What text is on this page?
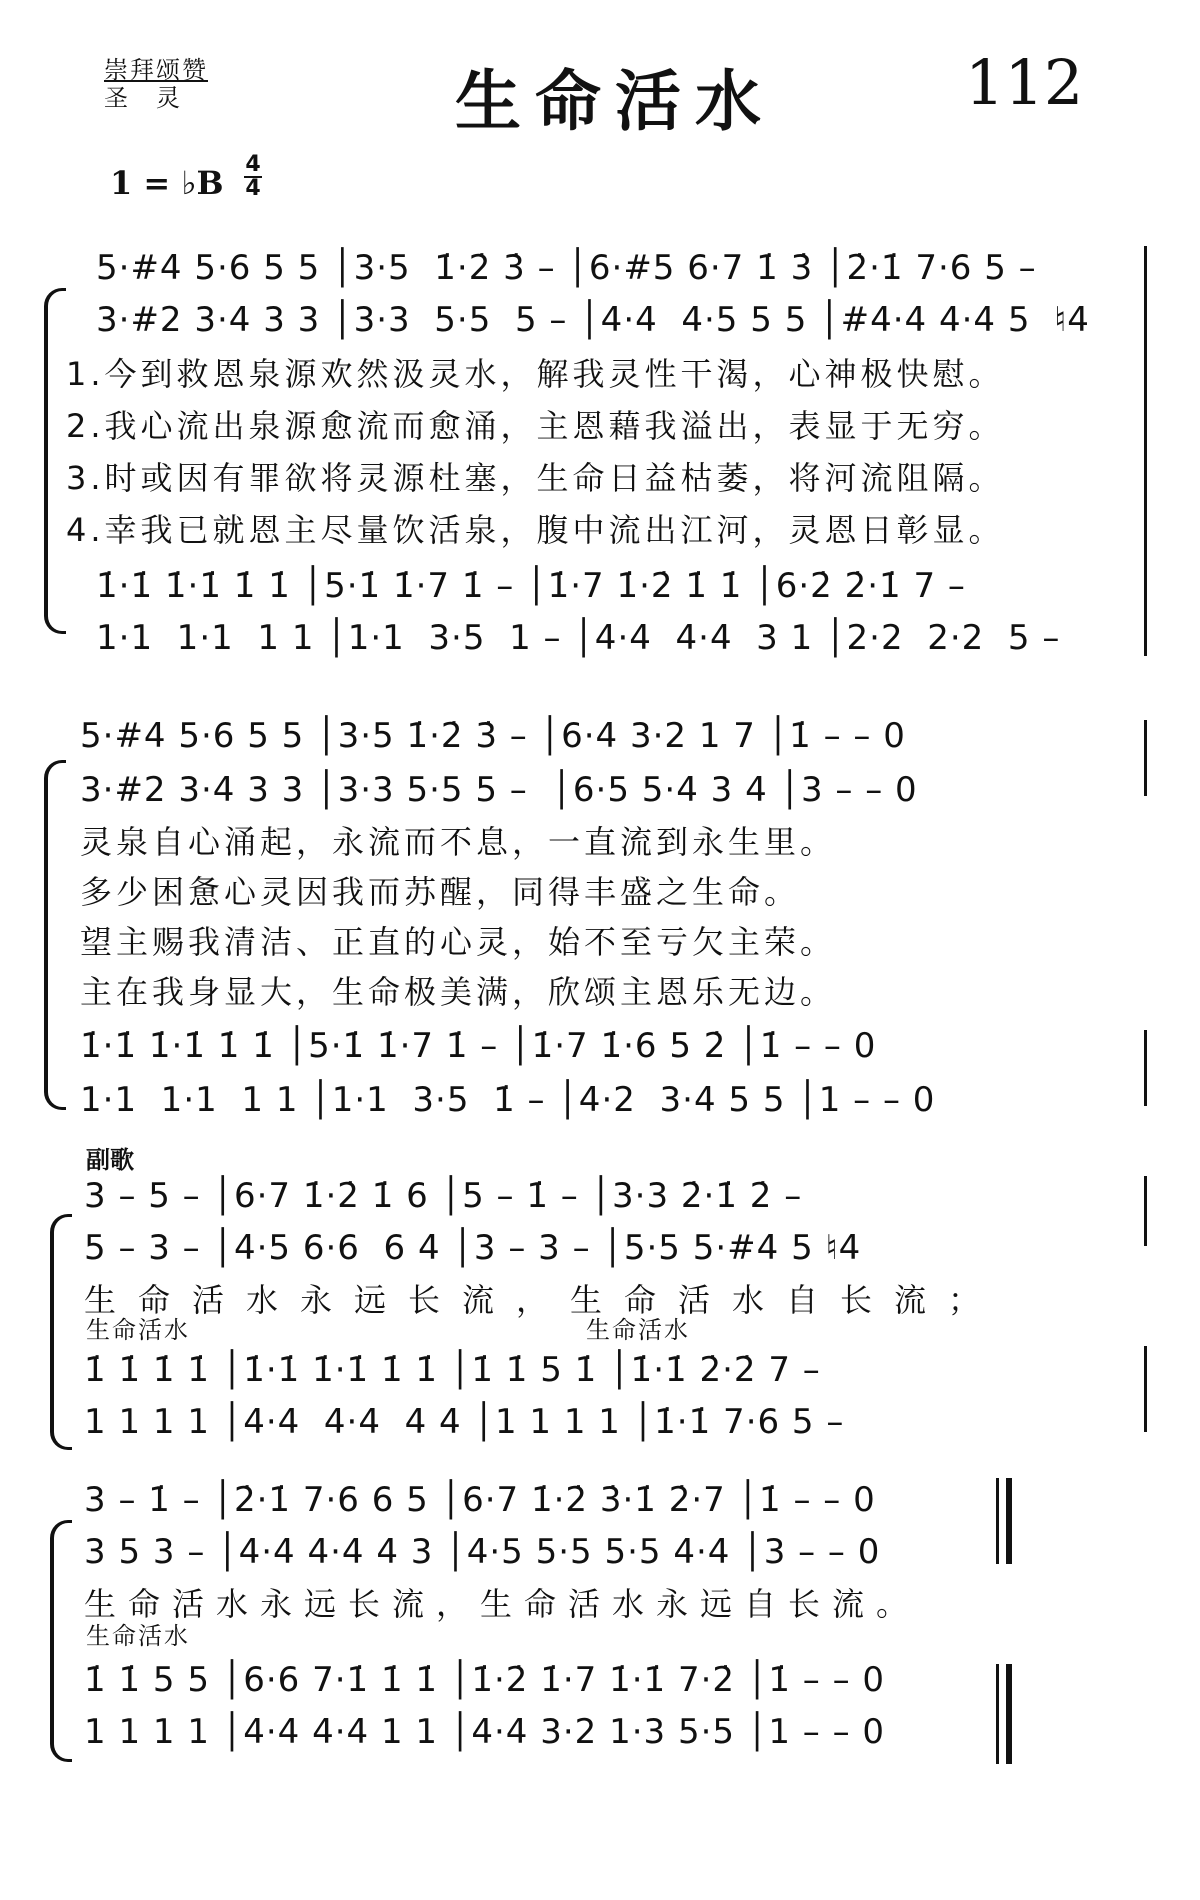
崇拜颂赞
圣　灵	生命活水	112
1 = ♭B $\frac{4}{4}$
5·#4 5·6 5 5 │3·5  1̇·2̇ 3̇ – │6·#5 6·7 1̇ 3̇ │2̇·1̇ 7·6 5 –
3·#2 3·4 3 3 │3·3  5·5  5 – │4·4  4·5 5 5 │#4·4 4·4 5  ♮4
1.今到救恩泉源欢然汲灵水，解我灵性干渴，心神极快慰。
2.我心流出泉源愈流而愈涌，主恩藉我溢出，表显于无穷。
3.时或因有罪欲将灵源杜塞，生命日益枯萎，将河流阻隔。
4.幸我已就恩主尽量饮活泉，腹中流出江河，灵恩日彰显。
1̇·1̇ 1̇·1̇ 1̇ 1̇ │5·1̇ 1̇·7 1̇ – │1̇·7 1̇·2̇ 1̇ 1̇ │6·2̇ 2̇·1̇ 7 –
1·1  1·1  1 1 │1·1  3·5  1 – │4·4  4·4  3 1 │2·2  2·2  5 –
5·#4 5·6 5 5 │3·5 1̇·2̇ 3̇ – │6·4 3·2 1 7 │1̇ – – 0
3·#2 3·4 3 3 │3·3 5·5 5 –  │6·5 5·4 3 4 │3 – – 0
灵泉自心涌起，永流而不息，一直流到永生里。
多少困惫心灵因我而苏醒，同得丰盛之生命。
望主赐我清洁、正直的心灵，始不至亏欠主荣。
主在我身显大，生命极美满，欣颂主恩乐无边。
1̇·1̇ 1̇·1̇ 1̇ 1̇ │5·1̇ 1̇·7 1̇ – │1̇·7 1̇·6 5 2̇ │1̇ – – 0
1·1  1·1  1 1 │1·1  3·5  1̇ – │4·2  3·4 5 5 │1 – – 0
副歌
3 – 5 – │6·7 1̇·2̇ 1̇ 6 │5 – 1̇ – │3·3 2̇·1̇ 2̇ –
5 – 3 – │4·5 6·6  6 4 │3 – 3 – │5·5 5·#4 5 ♮4
生命活水永远长流，生命活水自长流；
生命活水	生命活水
1̇ 1̇ 1̇ 1̇ │1̇·1̇ 1̇·1̇ 1̇ 1̇ │1̇ 1̇ 5 1̇ │1̇·1̇ 2̇·2̇ 7 –
1 1 1 1 │4·4  4·4  4 4 │1 1 1 1 │1̇·1̇ 7·6 5 –
3 – 1̇ – │2̇·1̇ 7·6 6 5 │6·7 1̇·2̇ 3̇·1̇ 2̇·7 │1̇ – – 0
3 5 3 – │4·4 4·4 4 3 │4·5 5·5 5·5 4·4 │3 – – 0
生命活水永远长流，生命活水永远自长流。
生命活水
1̇ 1̇ 5 5 │6·6 7·1̇ 1̇ 1̇ │1̇·2̇ 1̇·7 1̇·1̇ 7·2̇ │1̇ – – 0
1 1 1 1 │4·4 4·4 1 1 │4·4 3·2 1·3 5·5 │1 – – 0
